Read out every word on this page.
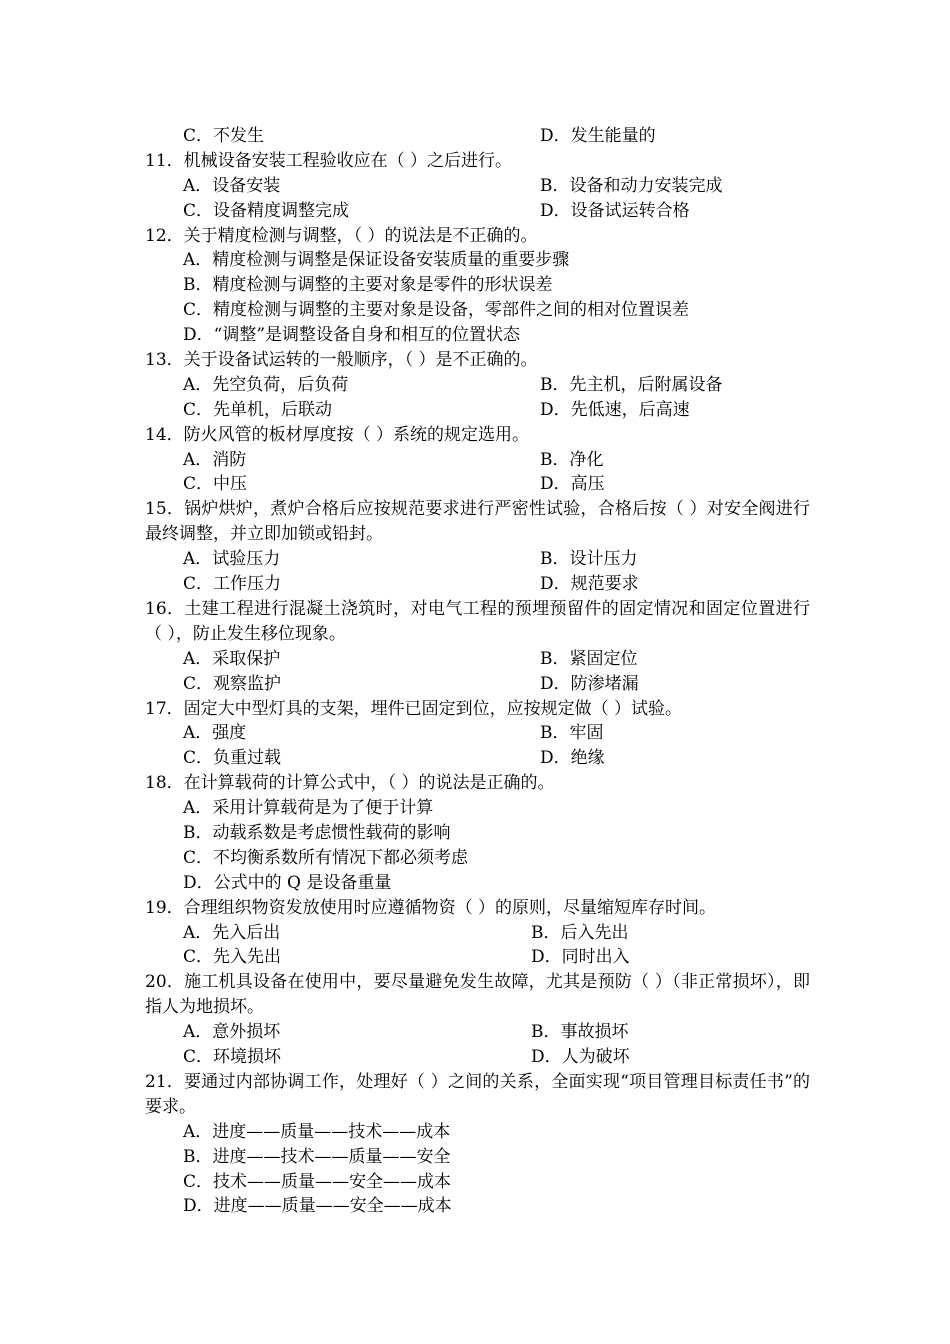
C．不发生	D．发生能量的
11．机械设备安装工程验收应在（ ）之后进行。
A．设备安装	B．设备和动力安装完成
C．设备精度调整完成	D．设备试运转合格
12．关于精度检测与调整，（ ）的说法是不正确的。
A．精度检测与调整是保证设备安装质量的重要步骤
B．精度检测与调整的主要对象是零件的形状误差
C．精度检测与调整的主要对象是设备，零部件之间的相对位置误差
D．“调整”是调整设备自身和相互的位置状态
13．关于设备试运转的一般顺序，（ ）是不正确的。
A．先空负荷，后负荷	B．先主机，后附属设备
C．先单机，后联动	D．先低速，后高速
14．防火风管的板材厚度按（ ）系统的规定选用。
A．消防	B．净化
C．中压	D．高压
15．锅炉烘炉，煮炉合格后应按规范要求进行严密性试验，合格后按（ ）对安全阀进行最终调整，并立即加锁或铅封。
A．试验压力	B．设计压力
C．工作压力	D．规范要求
16．土建工程进行混凝土浇筑时，对电气工程的预埋预留件的固定情况和固定位置进行（ ），防止发生移位现象。
A．采取保护	B．紧固定位
C．观察监护	D．防渗堵漏
17．固定大中型灯具的支架，埋件已固定到位，应按规定做（ ）试验。
A．强度	B．牢固
C．负重过载	D．绝缘
18．在计算载荷的计算公式中，（ ）的说法是正确的。
A．采用计算载荷是为了便于计算
B．动载系数是考虑惯性载荷的影响
C．不均衡系数所有情况下都必须考虑
D．公式中的 Q 是设备重量
19．合理组织物资发放使用时应遵循物资（ ）的原则，尽量缩短库存时间。
A．先入后出	B．后入先出
C．先入先出	D．同时出入
20．施工机具设备在使用中，要尽量避免发生故障，尤其是预防（ ）（非正常损坏），即指人为地损坏。
A．意外损坏	B．事故损坏
C．环境损坏	D．人为破坏
21．要通过内部协调工作，处理好（ ）之间的关系，全面实现“项目管理目标责任书”的要求。
A．进度——质量——技术——成本
B．进度——技术——质量——安全
C．技术——质量——安全——成本
D．进度——质量——安全——成本
